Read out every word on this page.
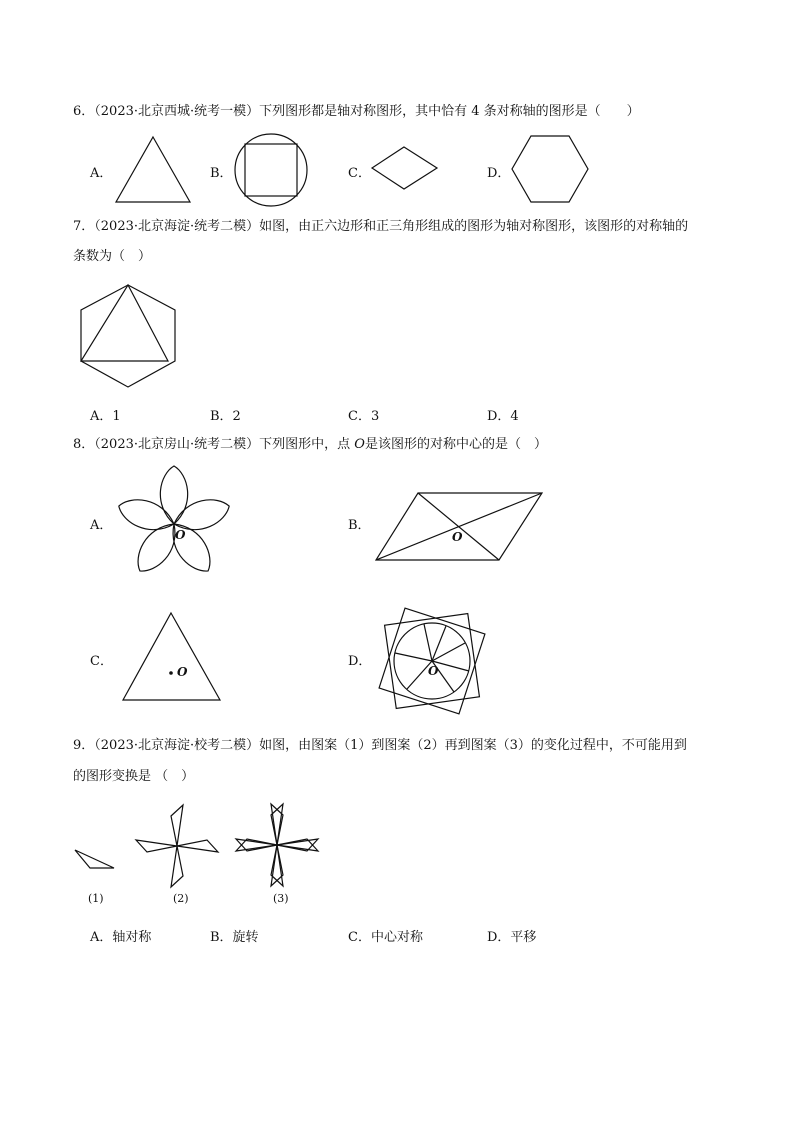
6．（2023·北京西城·统考一模）下列图形都是轴对称图形，其中恰有 4 条对称轴的图形是（　　）
A．	B．	C．	D．
7．（2023·北京海淀·统考二模）如图，由正六边形和正三角形组成的图形为轴对称图形，该图形的对称轴的
条数为（　）
A．1	B．2	C．3	D．4
8．（2023·北京房山·统考二模）下列图形中，点 O是该图形的对称中心的是（　）
A．
O
B．
O
C．
O
D．
O
9．（2023·北京海淀·校考二模）如图，由图案（1）到图案（2）再到图案（3）的变化过程中，不可能用到
的图形变换是 （　）
(1)	(2)	(3)
A．轴对称	B．旋转	C．中心对称	D．平移
